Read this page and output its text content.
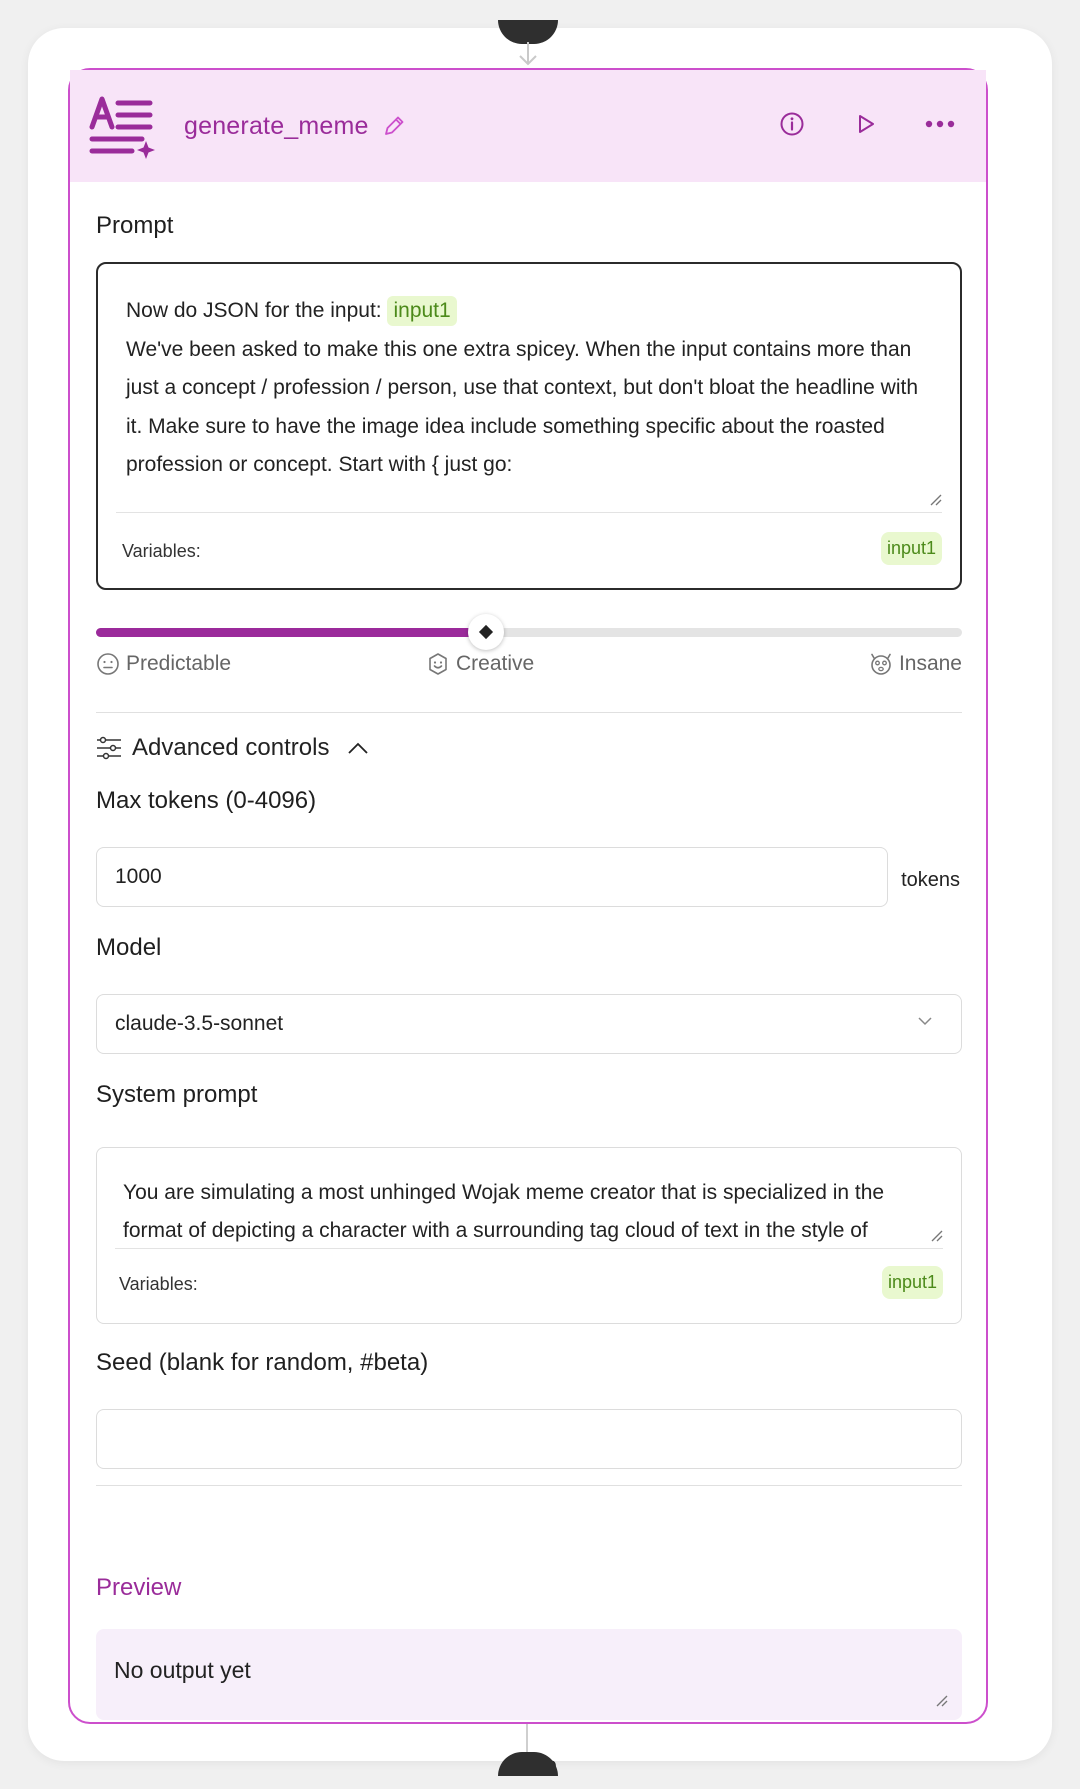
generate_meme
Prompt
Now do JSON for the input: input1
We've been asked to make this one extra spicey. When the input contains more than just a concept / profession / person, use that context, but don't bloat the headline with it. Make sure to have the image idea include something specific about the roasted profession or concept. Start with { just go:
Variables:	input1
Predictable	Creative	Insane
Advanced controls
Max tokens (0-4096)
1000	tokens
Model
claude-3.5-sonnet
System prompt
You are simulating a most unhinged Wojak meme creator that is specialized in the format of depicting a character with a surrounding tag cloud of text in the style of
Variables:	input1
Seed (blank for random, #beta)
Preview
No output yet
